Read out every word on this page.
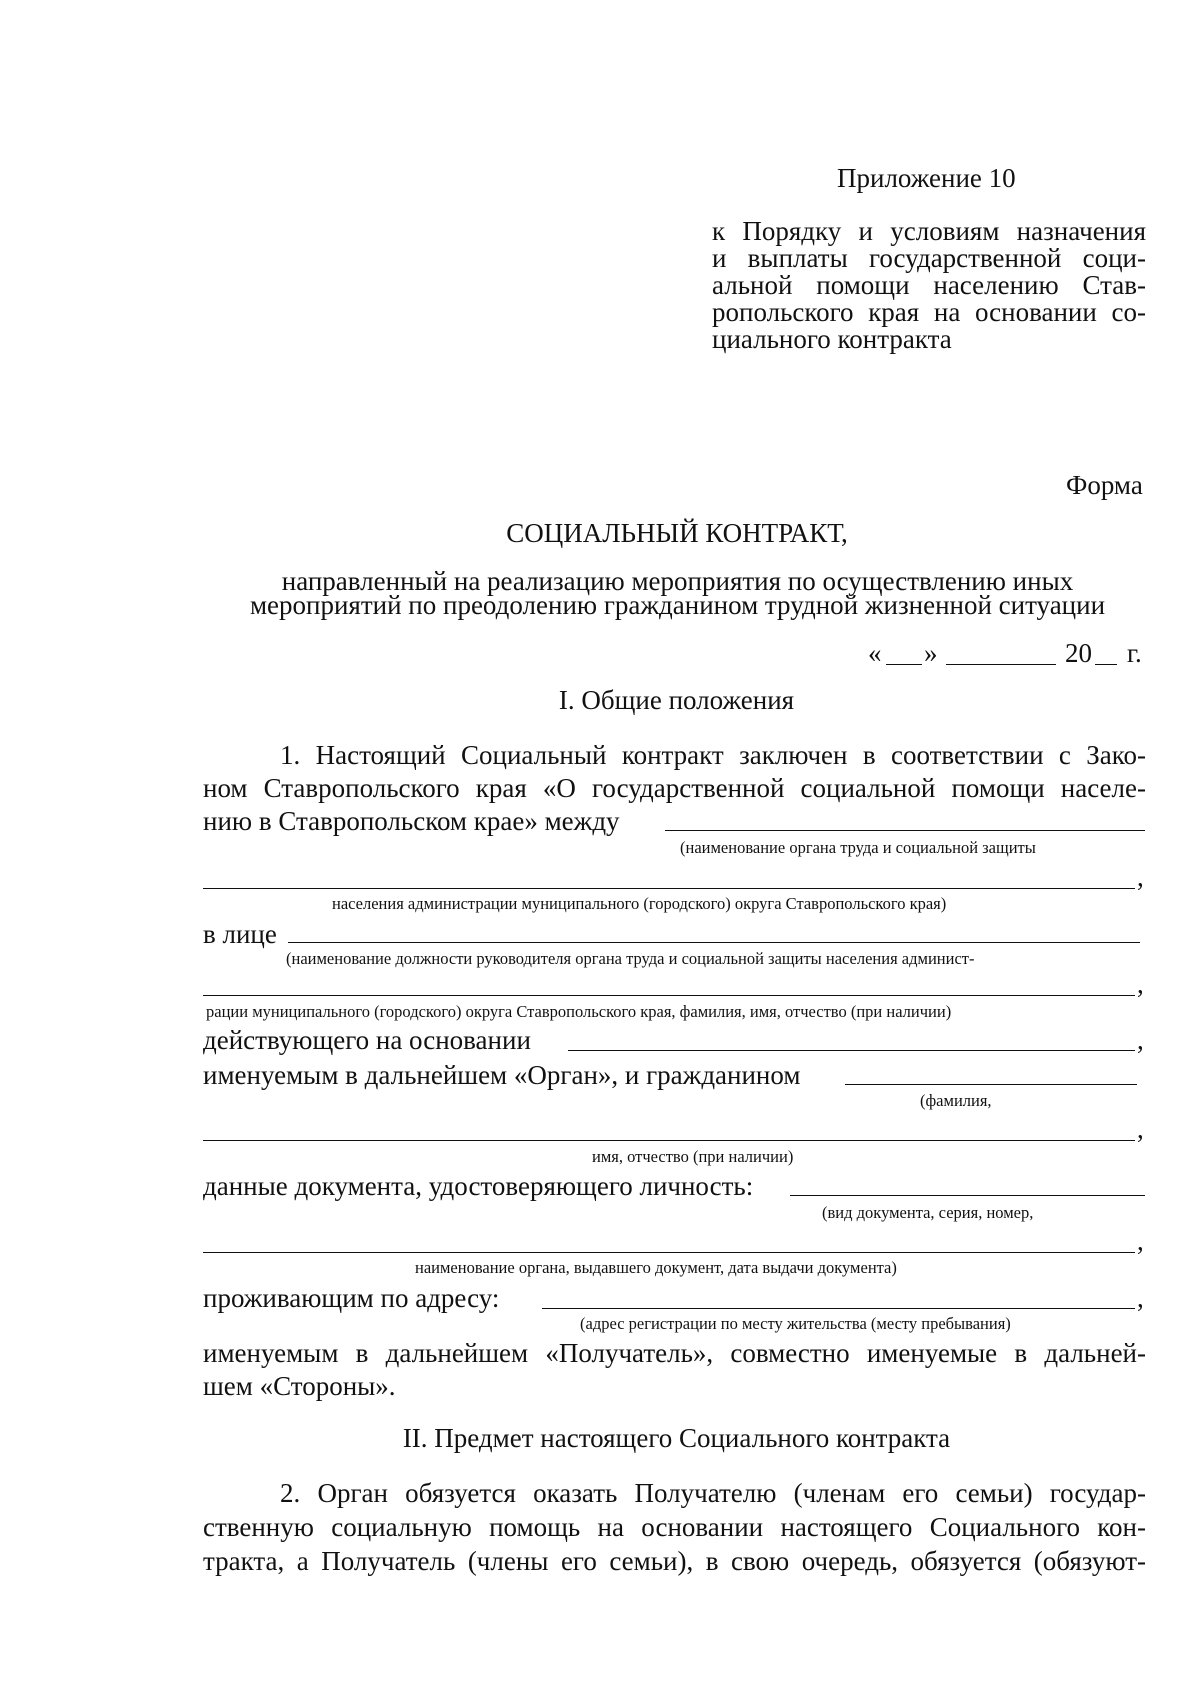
Приложение 10
к Порядку и условиям назначения
и выплаты государственной соци-
альной помощи населению Став-
ропольского края на основании со-
циального контракта
Форма
СОЦИАЛЬНЫЙ КОНТРАКТ,
направленный на реализацию мероприятия по осуществлению иных
мероприятий по преодолению гражданином трудной жизненной ситуации
« »	20 г.
I. Общие положения
1. Настоящий Социальный контракт заключен в соответствии с Зако-
ном Ставропольского края «О государственной социальной помощи населе-
нию в Ставропольском крае» между
(наименование органа труда и социальной защиты
,
населения администрации муниципального (городского) округа Ставропольского края)
в лице
(наименование должности руководителя органа труда и социальной защиты населения админист-
,
рации муниципального (городского) округа Ставропольского края, фамилия, имя, отчество (при наличии)
действующего на основании	,
именуемым в дальнейшем «Орган», и гражданином
(фамилия,
,
имя, отчество (при наличии)
данные документа, удостоверяющего личность:
(вид документа, серия, номер,
,
наименование органа, выдавшего документ, дата выдачи документа)
проживающим по адресу:	,
(адрес регистрации по месту жительства (месту пребывания)
именуемым в дальнейшем «Получатель», совместно именуемые в дальней-
шем «Стороны».
II. Предмет настоящего Социального контракта
2. Орган обязуется оказать Получателю (членам его семьи) государ-
ственную социальную помощь на основании настоящего Социального кон-
тракта, а Получатель (члены его семьи), в свою очередь, обязуется (обязуют-
